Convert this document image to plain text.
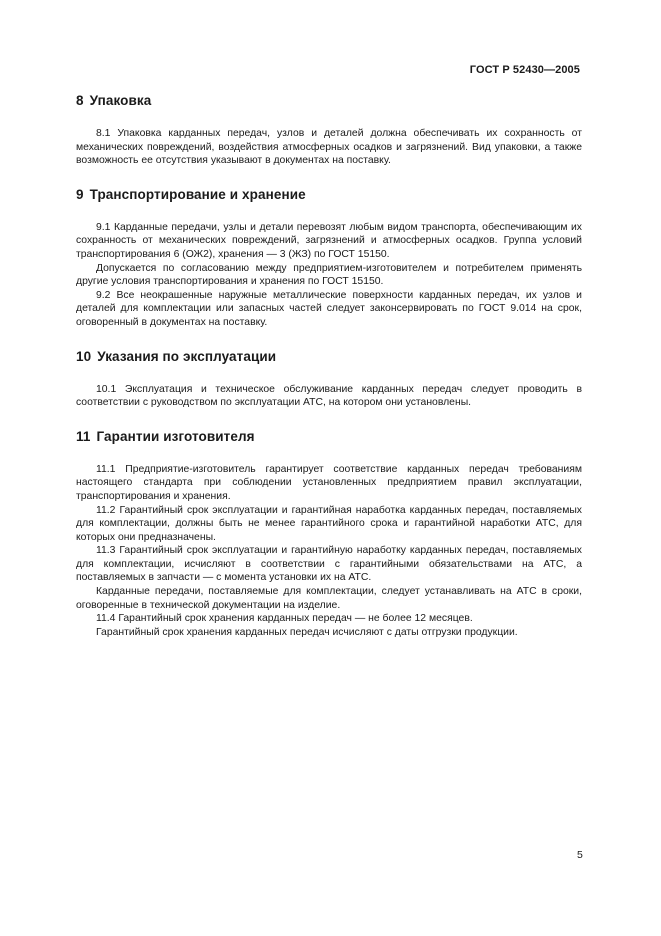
ГОСТ Р 52430—2005
8 Упаковка

8.1 Упаковка карданных передач, узлов и деталей должна обеспечивать их сохранность от механических повреждений, воздействия атмосферных осадков и загрязнений. Вид упаковки, а также возможность ее отсутствия указывают в документах на поставку.

9 Транспортирование и хранение

9.1 Карданные передачи, узлы и детали перевозят любым видом транспорта, обеспечивающим их сохранность от механических повреждений, загрязнений и атмосферных осадков. Группа условий транспортирования 6 (ОЖ2), хранения — 3 (ЖЗ) по ГОСТ 15150.

Допускается по согласованию между предприятием-изготовителем и потребителем применять другие условия транспортирования и хранения по ГОСТ 15150.

9.2 Все неокрашенные наружные металлические поверхности карданных передач, их узлов и деталей для комплектации или запасных частей следует законсервировать по ГОСТ 9.014 на срок, оговоренный в документах на поставку.

10 Указания по эксплуатации

10.1 Эксплуатация и техническое обслуживание карданных передач следует проводить в соответствии с руководством по эксплуатации АТС, на котором они установлены.

11 Гарантии изготовителя

11.1 Предприятие-изготовитель гарантирует соответствие карданных передач требованиям настоящего стандарта при соблюдении установленных предприятием правил эксплуатации, транспортирования и хранения.

11.2 Гарантийный срок эксплуатации и гарантийная наработка карданных передач, поставляемых для комплектации, должны быть не менее гарантийного срока и гарантийной наработки АТС, для которых они предназначены.

11.3 Гарантийный срок эксплуатации и гарантийную наработку карданных передач, поставляемых для комплектации, исчисляют в соответствии с гарантийными обязательствами на АТС, а поставляемых в запчасти — с момента установки их на АТС.

Карданные передачи, поставляемые для комплектации, следует устанавливать на АТС в сроки, оговоренные в технической документации на изделие.

11.4 Гарантийный срок хранения карданных передач — не более 12 месяцев.

Гарантийный срок хранения карданных передач исчисляют с даты отгрузки продукции.

5
